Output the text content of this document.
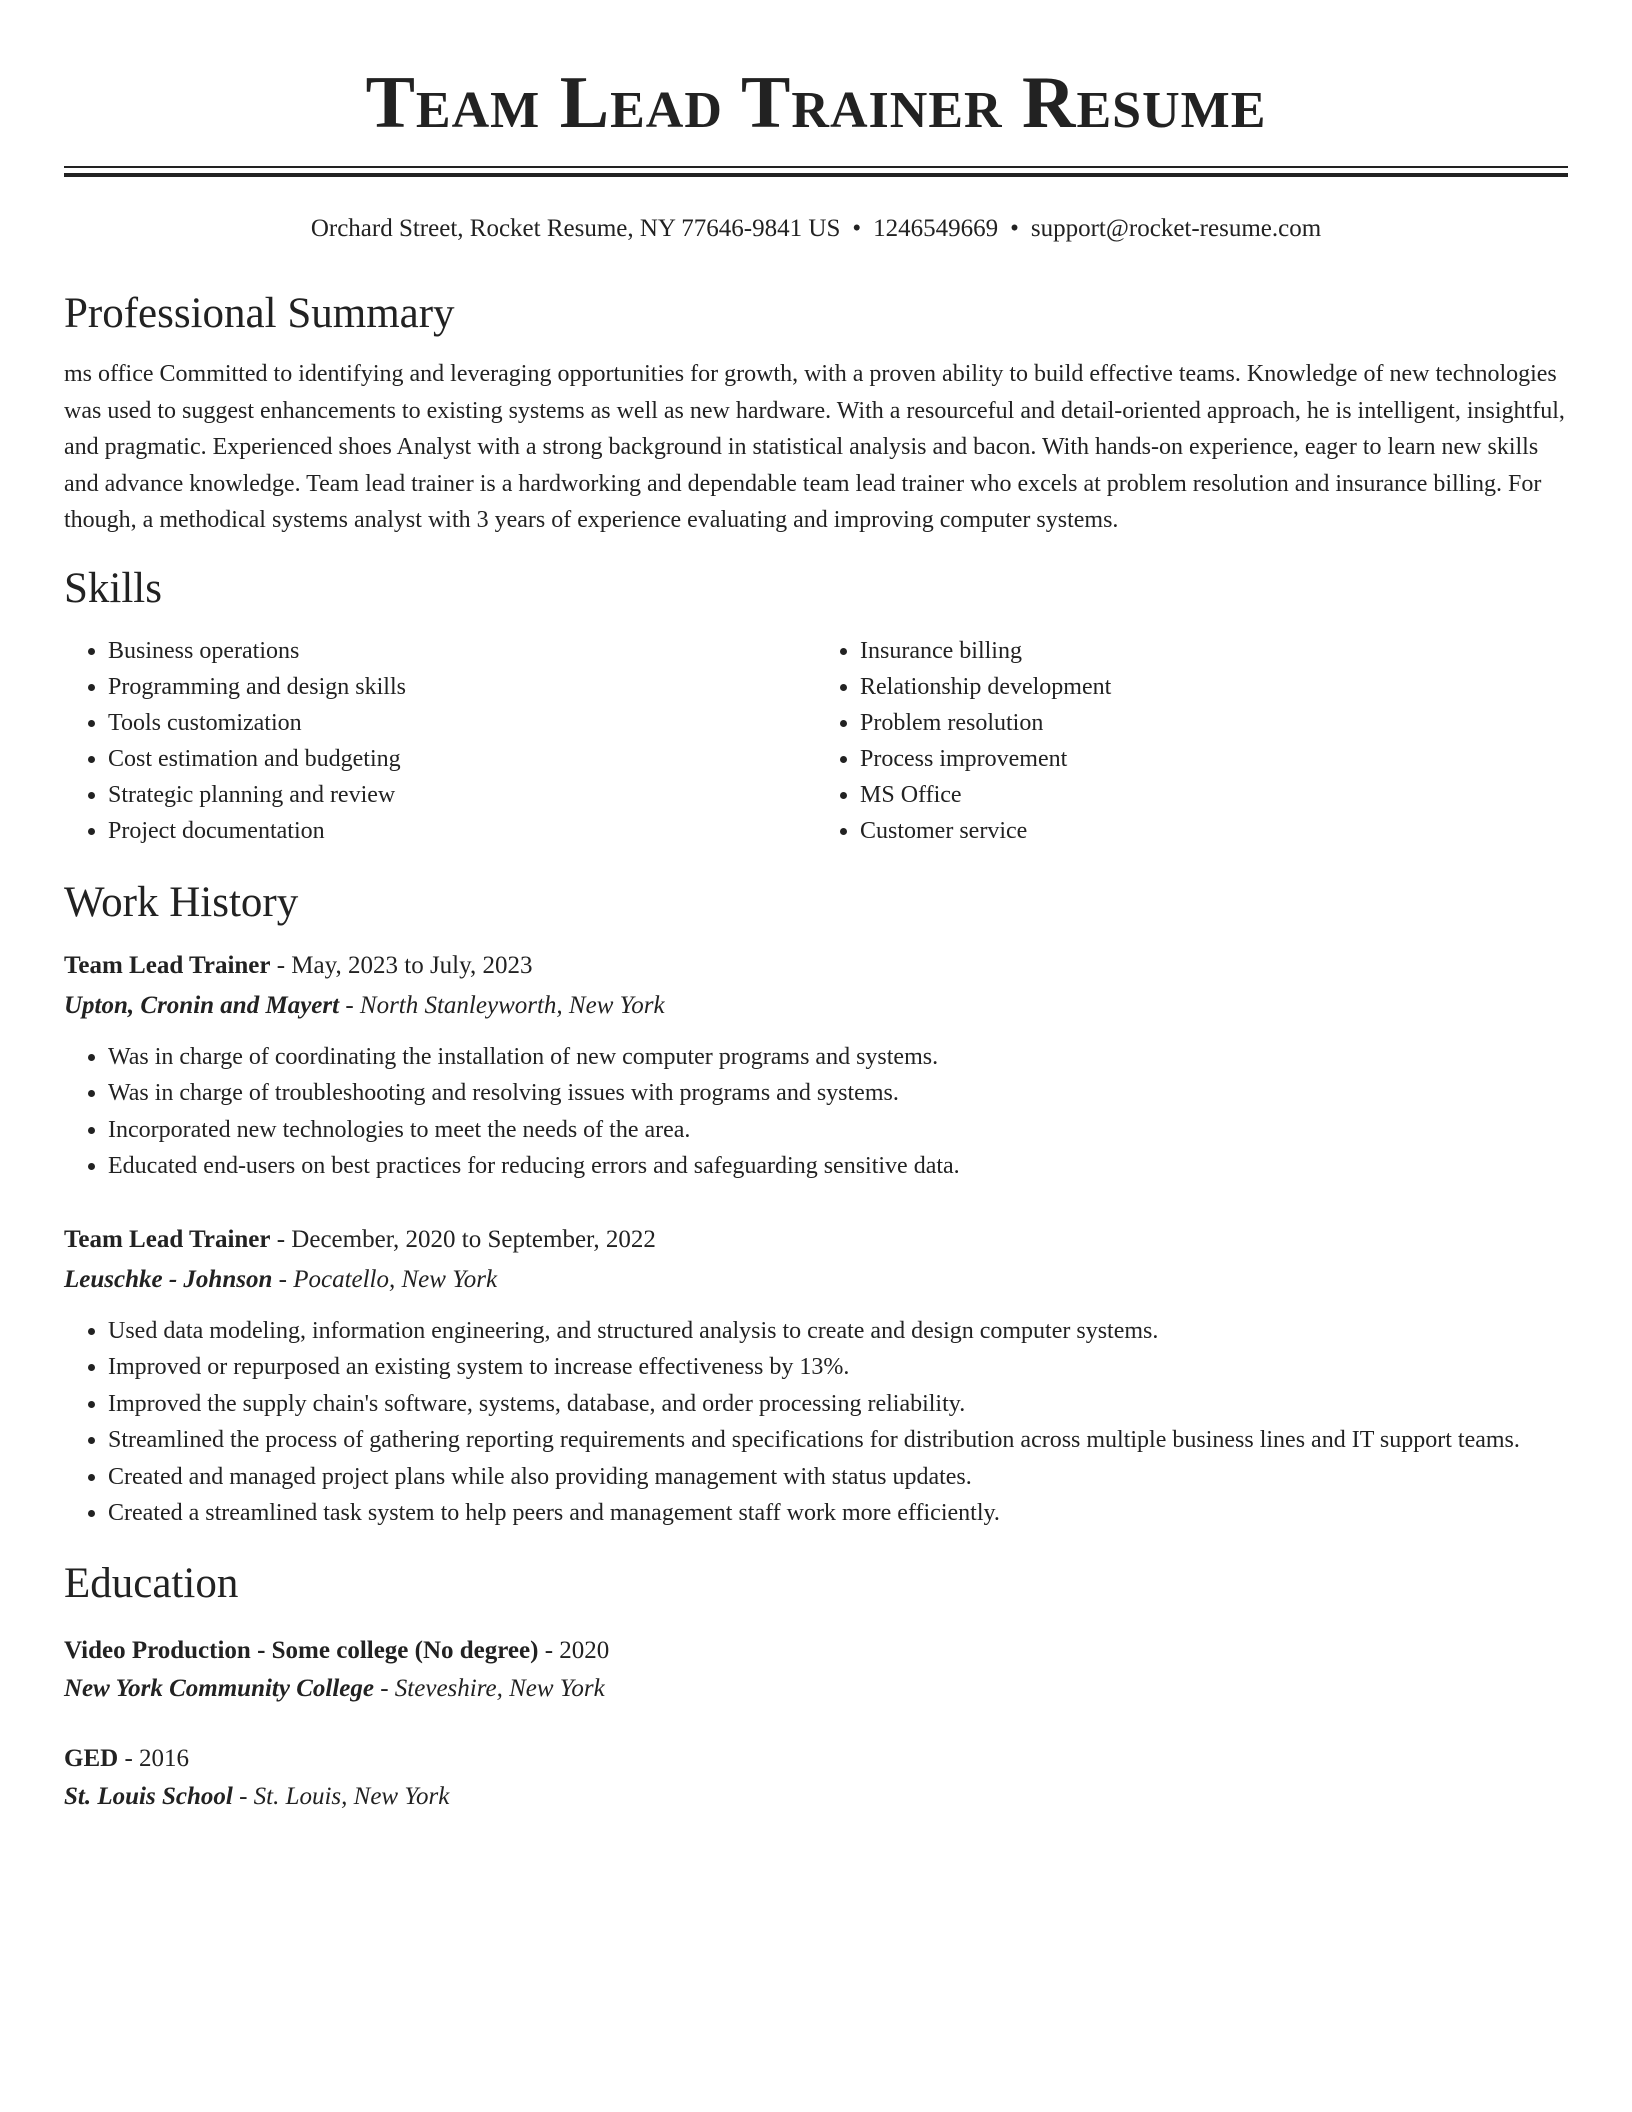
Team Lead Trainer Resume
Orchard Street, Rocket Resume, NY 77646-9841 US • 1246549669 • support@rocket-resume.com
Professional Summary

ms office Committed to identifying and leveraging opportunities for growth, with a proven ability to build effective teams. Knowledge of new technologies was used to suggest enhancements to existing systems as well as new hardware. With a resourceful and detail-oriented approach, he is intelligent, insightful, and pragmatic. Experienced shoes Analyst with a strong background in statistical analysis and bacon. With hands-on experience, eager to learn new skills and advance knowledge. Team lead trainer is a hardworking and dependable team lead trainer who excels at problem resolution and insurance billing. For though, a methodical systems analyst with 3 years of experience evaluating and improving computer systems.

Skills
• Business operations
• Programming and design skills
• Tools customization
• Cost estimation and budgeting
• Strategic planning and review
• Project documentation
• Insurance billing
• Relationship development
• Problem resolution
• Process improvement
• MS Office
• Customer service
Work History
Team Lead Trainer - May, 2023 to July, 2023
Upton, Cronin and Mayert - North Stanleyworth, New York
• Was in charge of coordinating the installation of new computer programs and systems.
• Was in charge of troubleshooting and resolving issues with programs and systems.
• Incorporated new technologies to meet the needs of the area.
• Educated end-users on best practices for reducing errors and safeguarding sensitive data.
Team Lead Trainer - December, 2020 to September, 2022
Leuschke - Johnson - Pocatello, New York
• Used data modeling, information engineering, and structured analysis to create and design computer systems.
• Improved or repurposed an existing system to increase effectiveness by 13%.
• Improved the supply chain's software, systems, database, and order processing reliability.
• Streamlined the process of gathering reporting requirements and specifications for distribution across multiple business lines and IT support teams.
• Created and managed project plans while also providing management with status updates.
• Created a streamlined task system to help peers and management staff work more efficiently.
Education
Video Production - Some college (No degree) - 2020
New York Community College - Steveshire, New York
GED - 2016
St. Louis School - St. Louis, New York
